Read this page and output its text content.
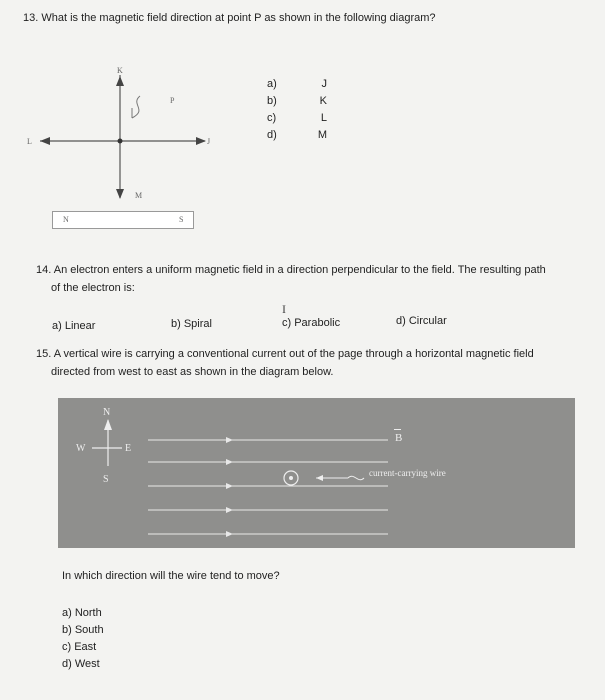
13. What is the magnetic field direction at point P as shown in the following diagram?
K
P
J
L
M
N	S
a)	J
b)	K
c)	L
d)	M
14. An electron enters a uniform magnetic field in a direction perpendicular to the field. The resulting path
of the electron is:
a) Linear	b) Spiral	c) Parabolic	d) Circular
I
15. A vertical wire is carrying a conventional current out of the page through a horizontal magnetic field
directed from west to east as shown in the diagram below.
N
S
W	E
B
current-carrying wire
In which direction will the wire tend to move?
a) North
b) South
c) East
d) West
